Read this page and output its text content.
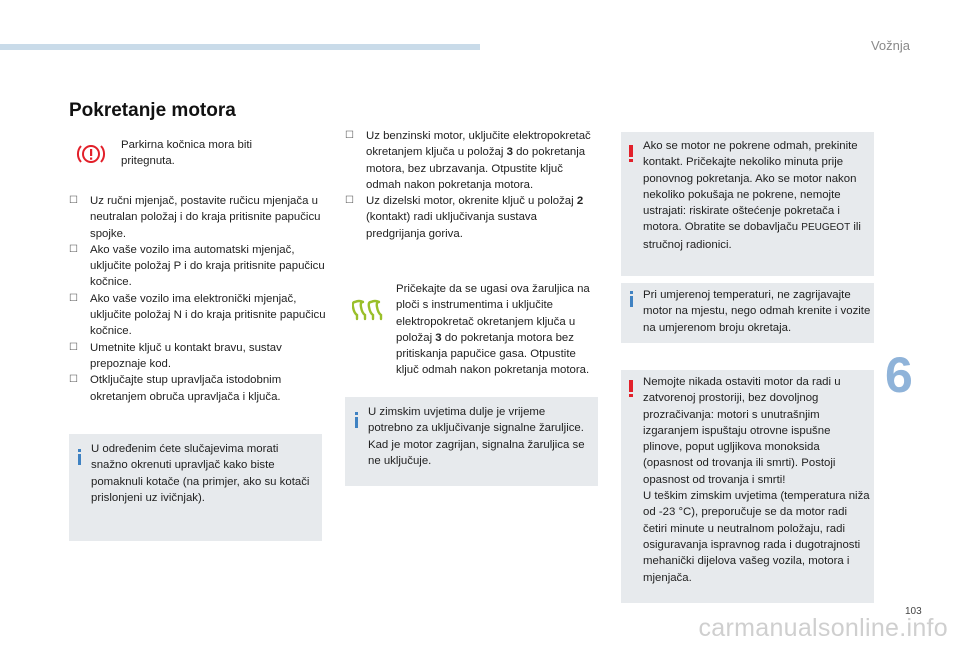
Vožnja
6
103
Pokretanje motora
Parkirna kočnica mora biti pritegnuta.
☐ Uz ručni mjenjač, postavite ručicu mjenjača u neutralan položaj i do kraja pritisnite papučicu spojke.
☐ Ako vaše vozilo ima automatski mjenjač, uključite položaj P i do kraja pritisnite papučicu kočnice.
☐ Ako vaše vozilo ima elektronički mjenjač, uključite položaj N i do kraja pritisnite papučicu kočnice.
☐ Umetnite ključ u kontakt bravu, sustav prepoznaje kod.
☐ Otključajte stup upravljača istodobnim okretanjem obruča upravljača i ključa.
U određenim ćete slučajevima morati snažno okrenuti upravljač kako biste pomaknuli kotače (na primjer, ako su kotači prislonjeni uz ivičnjak).
☐ Uz benzinski motor, uključite elektropokretač okretanjem ključa u položaj 3 do pokretanja motora, bez ubrzavanja. Otpustite ključ odmah nakon pokretanja motora.
☐ Uz dizelski motor, okrenite ključ u položaj 2 (kontakt) radi uključivanja sustava predgrijanja goriva.
Pričekajte da se ugasi ova žaruljica na ploči s instrumentima i uključite elektropokretač okretanjem ključa u položaj 3 do pokretanja motora bez pritiskanja papučice gasa. Otpustite ključ odmah nakon pokretanja motora.
U zimskim uvjetima dulje je vrijeme potrebno za uključivanje signalne žaruljice. Kad je motor zagrijan, signalna žaruljica se ne uključuje.
Ako se motor ne pokrene odmah, prekinite kontakt. Pričekajte nekoliko minuta prije ponovnog pokretanja. Ako se motor nakon nekoliko pokušaja ne pokrene, nemojte ustrajati: riskirate oštećenje pokretača i motora. Obratite se dobavljaču PEUGEOT ili stručnoj radionici.
Pri umjerenoj temperaturi, ne zagrijavajte motor na mjestu, nego odmah krenite i vozite na umjerenom broju okretaja.
Nemojte nikada ostaviti motor da radi u zatvorenoj prostoriji, bez dovoljnog prozračivanja: motori s unutrašnjim izgaranjem ispuštaju otrovne ispušne plinove, poput ugljikova monoksida (opasnost od trovanja ili smrti). Postoji opasnost od trovanja i smrti!
U teškim zimskim uvjetima (temperatura niža od -23 °C), preporučuje se da motor radi četiri minute u neutralnom položaju, radi osiguravanja ispravnog rada i dugotrajnosti mehanički dijelova vašeg vozila, motora i mjenjača.
carmanualsonline.info
